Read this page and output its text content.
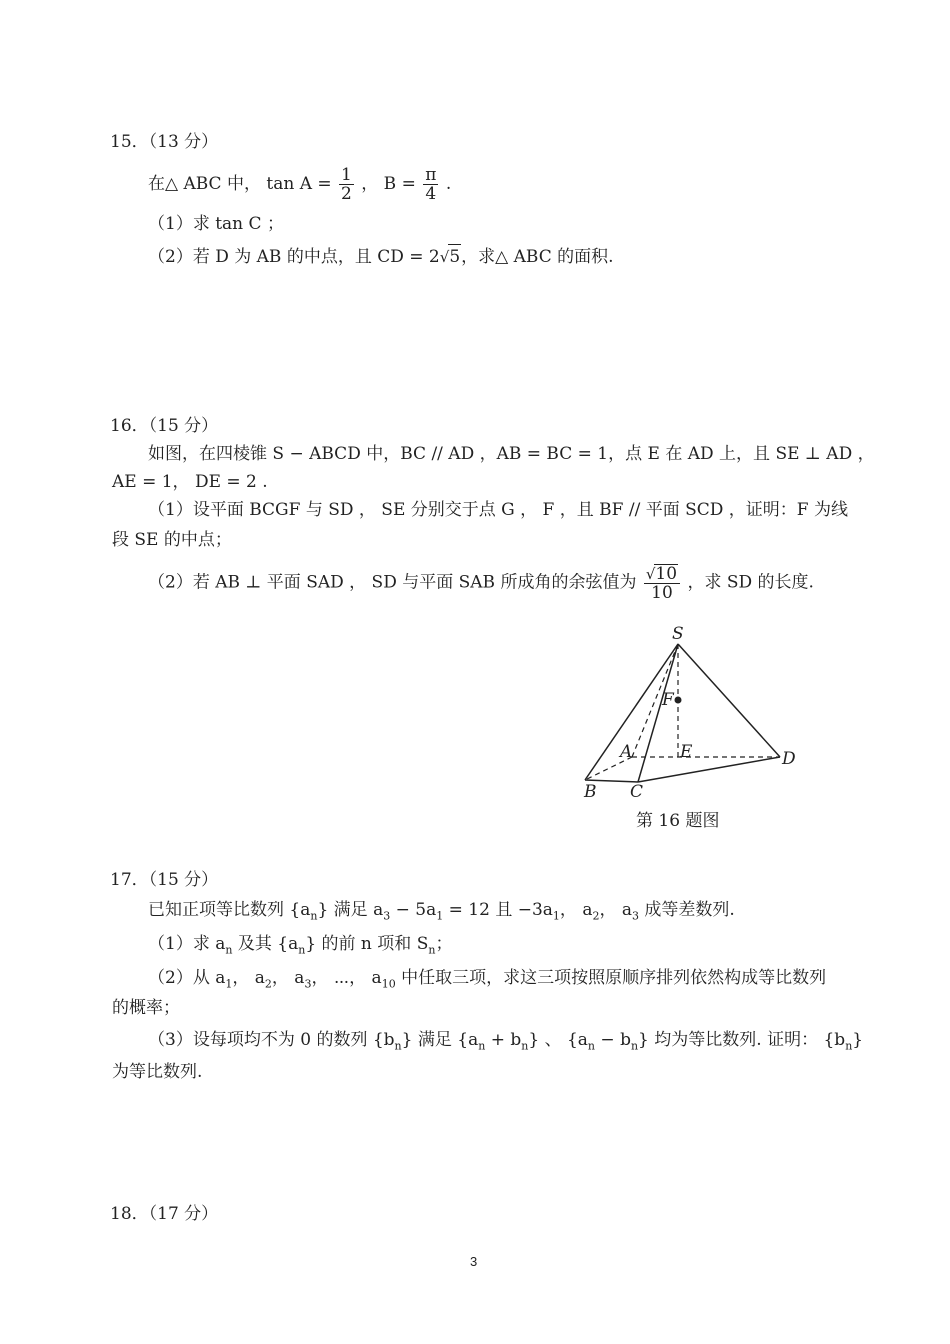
15．（13 分）
在△ ABC 中， $\tan A = \frac{1}{2}$ ， $B = \frac{\pi}{4}$ .
（1）求 tan C ；
（2）若 D 为 AB 的中点，且 CD = 2√5，求△ ABC 的面积.
16．（15 分）
如图，在四棱锥 S − ABCD 中，BC // AD ，AB = BC = 1，点 E 在 AD 上，且 SE ⊥ AD ，
AE = 1， DE = 2 .
（1）设平面 BCGF 与 SD ， SE 分别交于点 G ， F ，且 BF // 平面 SCD ，证明：F 为线
段 SE 的中点；
（2）若 AB ⊥ 平面 SAD ， SD 与平面 SAB 所成角的余弦值为 $\frac{√10}{10}$ ，求 SD 的长度.
S
F
A	E	D
B C
第 16 题图
17．（15 分）
已知正项等比数列 $\{a_n\}$ 满足 $a_3 - 5a_1 = 12$ 且 $-3a_1$， $a_2$， $a_3$ 成等差数列.
（1）求 $a_n$ 及其 $\{a_n\}$ 的前 n 项和 $S_n$；
（2）从 $a_1$， $a_2$， $a_3$， ⋯， $a_{10}$ 中任取三项，求这三项按照原顺序排列依然构成等比数列
的概率；
（3）设每项均不为 0 的数列 $\{b_n\}$ 满足 $\{a_n + b_n\}$ 、 $\{a_n - b_n\}$ 均为等比数列. 证明： $\{b_n\}$
为等比数列.
18．（17 分）
3
